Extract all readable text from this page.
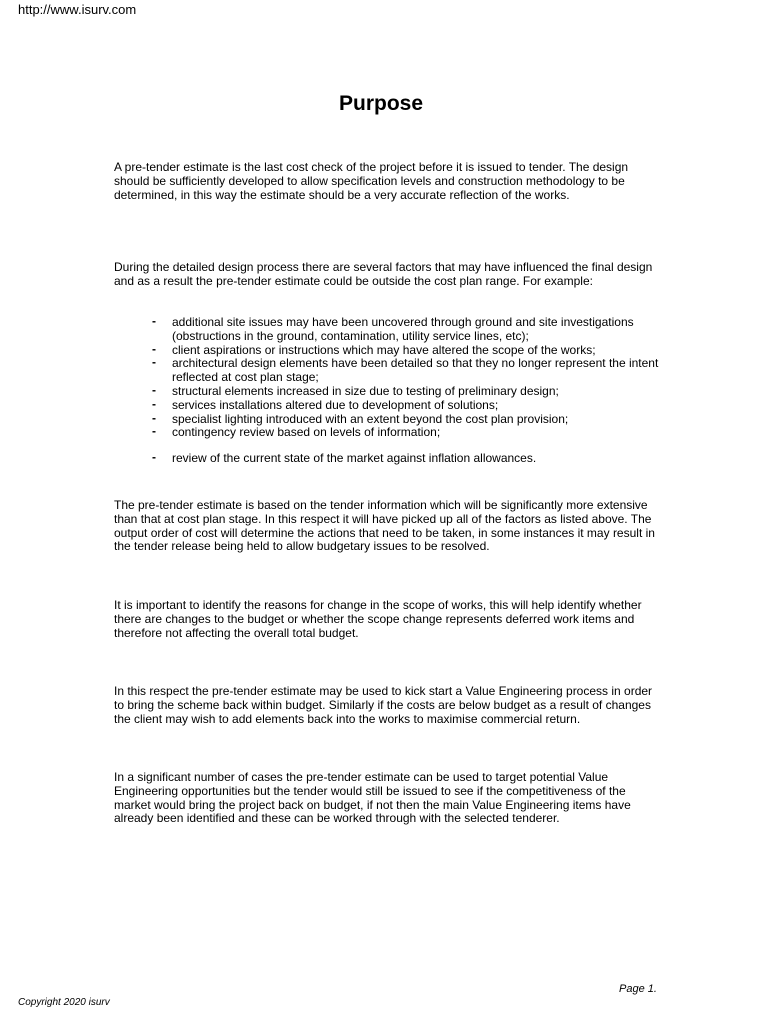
http://www.isurv.com
Purpose
A pre-tender estimate is the last cost check of the project before it is issued to tender. The design should be sufficiently developed to allow specification levels and construction methodology to be determined, in this way the estimate should be a very accurate reflection of the works.
During the detailed design process there are several factors that may have influenced the final design and as a result the pre-tender estimate could be outside the cost plan range. For example:
- additional site issues may have been uncovered through ground and site investigations (obstructions in the ground, contamination, utility service lines, etc);
- client aspirations or instructions which may have altered the scope of the works;
- architectural design elements have been detailed so that they no longer represent the intent reflected at cost plan stage;
- structural elements increased in size due to testing of preliminary design;
- services installations altered due to development of solutions;
- specialist lighting introduced with an extent beyond the cost plan provision;
- contingency review based on levels of information;
- review of the current state of the market against inflation allowances.
The pre-tender estimate is based on the tender information which will be significantly more extensive than that at cost plan stage. In this respect it will have picked up all of the factors as listed above. The output order of cost will determine the actions that need to be taken, in some instances it may result in the tender release being held to allow budgetary issues to be resolved.
It is important to identify the reasons for change in the scope of works, this will help identify whether there are changes to the budget or whether the scope change represents deferred work items and therefore not affecting the overall total budget.
In this respect the pre-tender estimate may be used to kick start a Value Engineering process in order to bring the scheme back within budget. Similarly if the costs are below budget as a result of changes the client may wish to add elements back into the works to maximise commercial return.
In a significant number of cases the pre-tender estimate can be used to target potential Value Engineering opportunities but the tender would still be issued to see if the competitiveness of the market would bring the project back on budget, if not then the main Value Engineering items have already been identified and these can be worked through with the selected tenderer.
Page 1.
Copyright 2020 isurv
